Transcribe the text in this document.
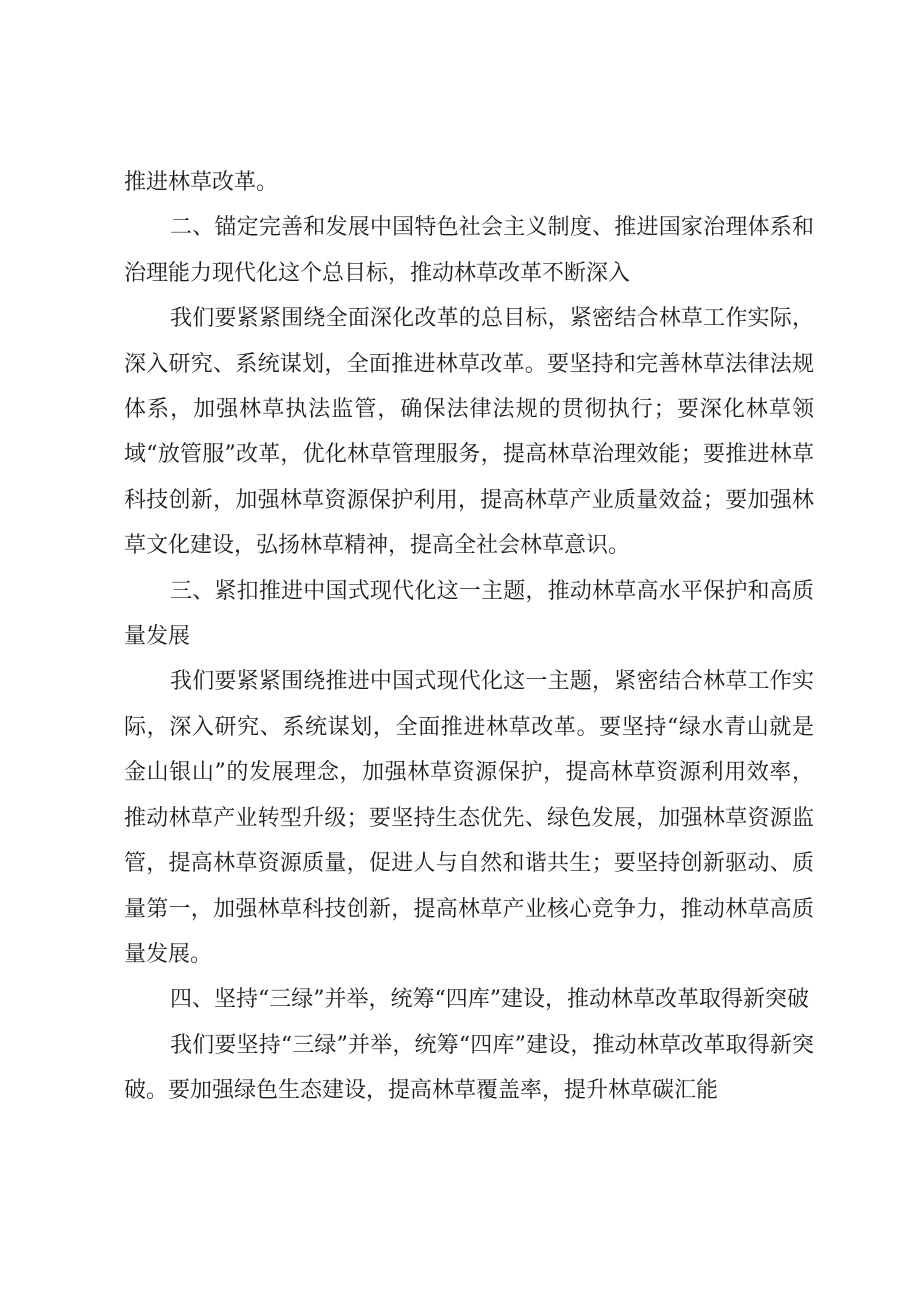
推进林草改革。

二、锚定完善和发展中国特色社会主义制度、推进国家治理体系和治理能力现代化这个总目标，推动林草改革不断深入

我们要紧紧围绕全面深化改革的总目标，紧密结合林草工作实际，深入研究、系统谋划，全面推进林草改革。要坚持和完善林草法律法规体系，加强林草执法监管，确保法律法规的贯彻执行；要深化林草领域“放管服”改革，优化林草管理服务，提高林草治理效能；要推进林草科技创新，加强林草资源保护利用，提高林草产业质量效益；要加强林草文化建设，弘扬林草精神，提高全社会林草意识。

三、紧扣推进中国式现代化这一主题，推动林草高水平保护和高质量发展

我们要紧紧围绕推进中国式现代化这一主题，紧密结合林草工作实际，深入研究、系统谋划，全面推进林草改革。要坚持“绿水青山就是金山银山”的发展理念，加强林草资源保护，提高林草资源利用效率，推动林草产业转型升级；要坚持生态优先、绿色发展，加强林草资源监管，提高林草资源质量，促进人与自然和谐共生；要坚持创新驱动、质量第一，加强林草科技创新，提高林草产业核心竞争力，推动林草高质量发展。

四、坚持“三绿”并举，统筹“四库”建设，推动林草改革取得新突破

我们要坚持“三绿”并举，统筹“四库”建设，推动林草改革取得新突破。要加强绿色生态建设，提高林草覆盖率，提升林草碳汇能
